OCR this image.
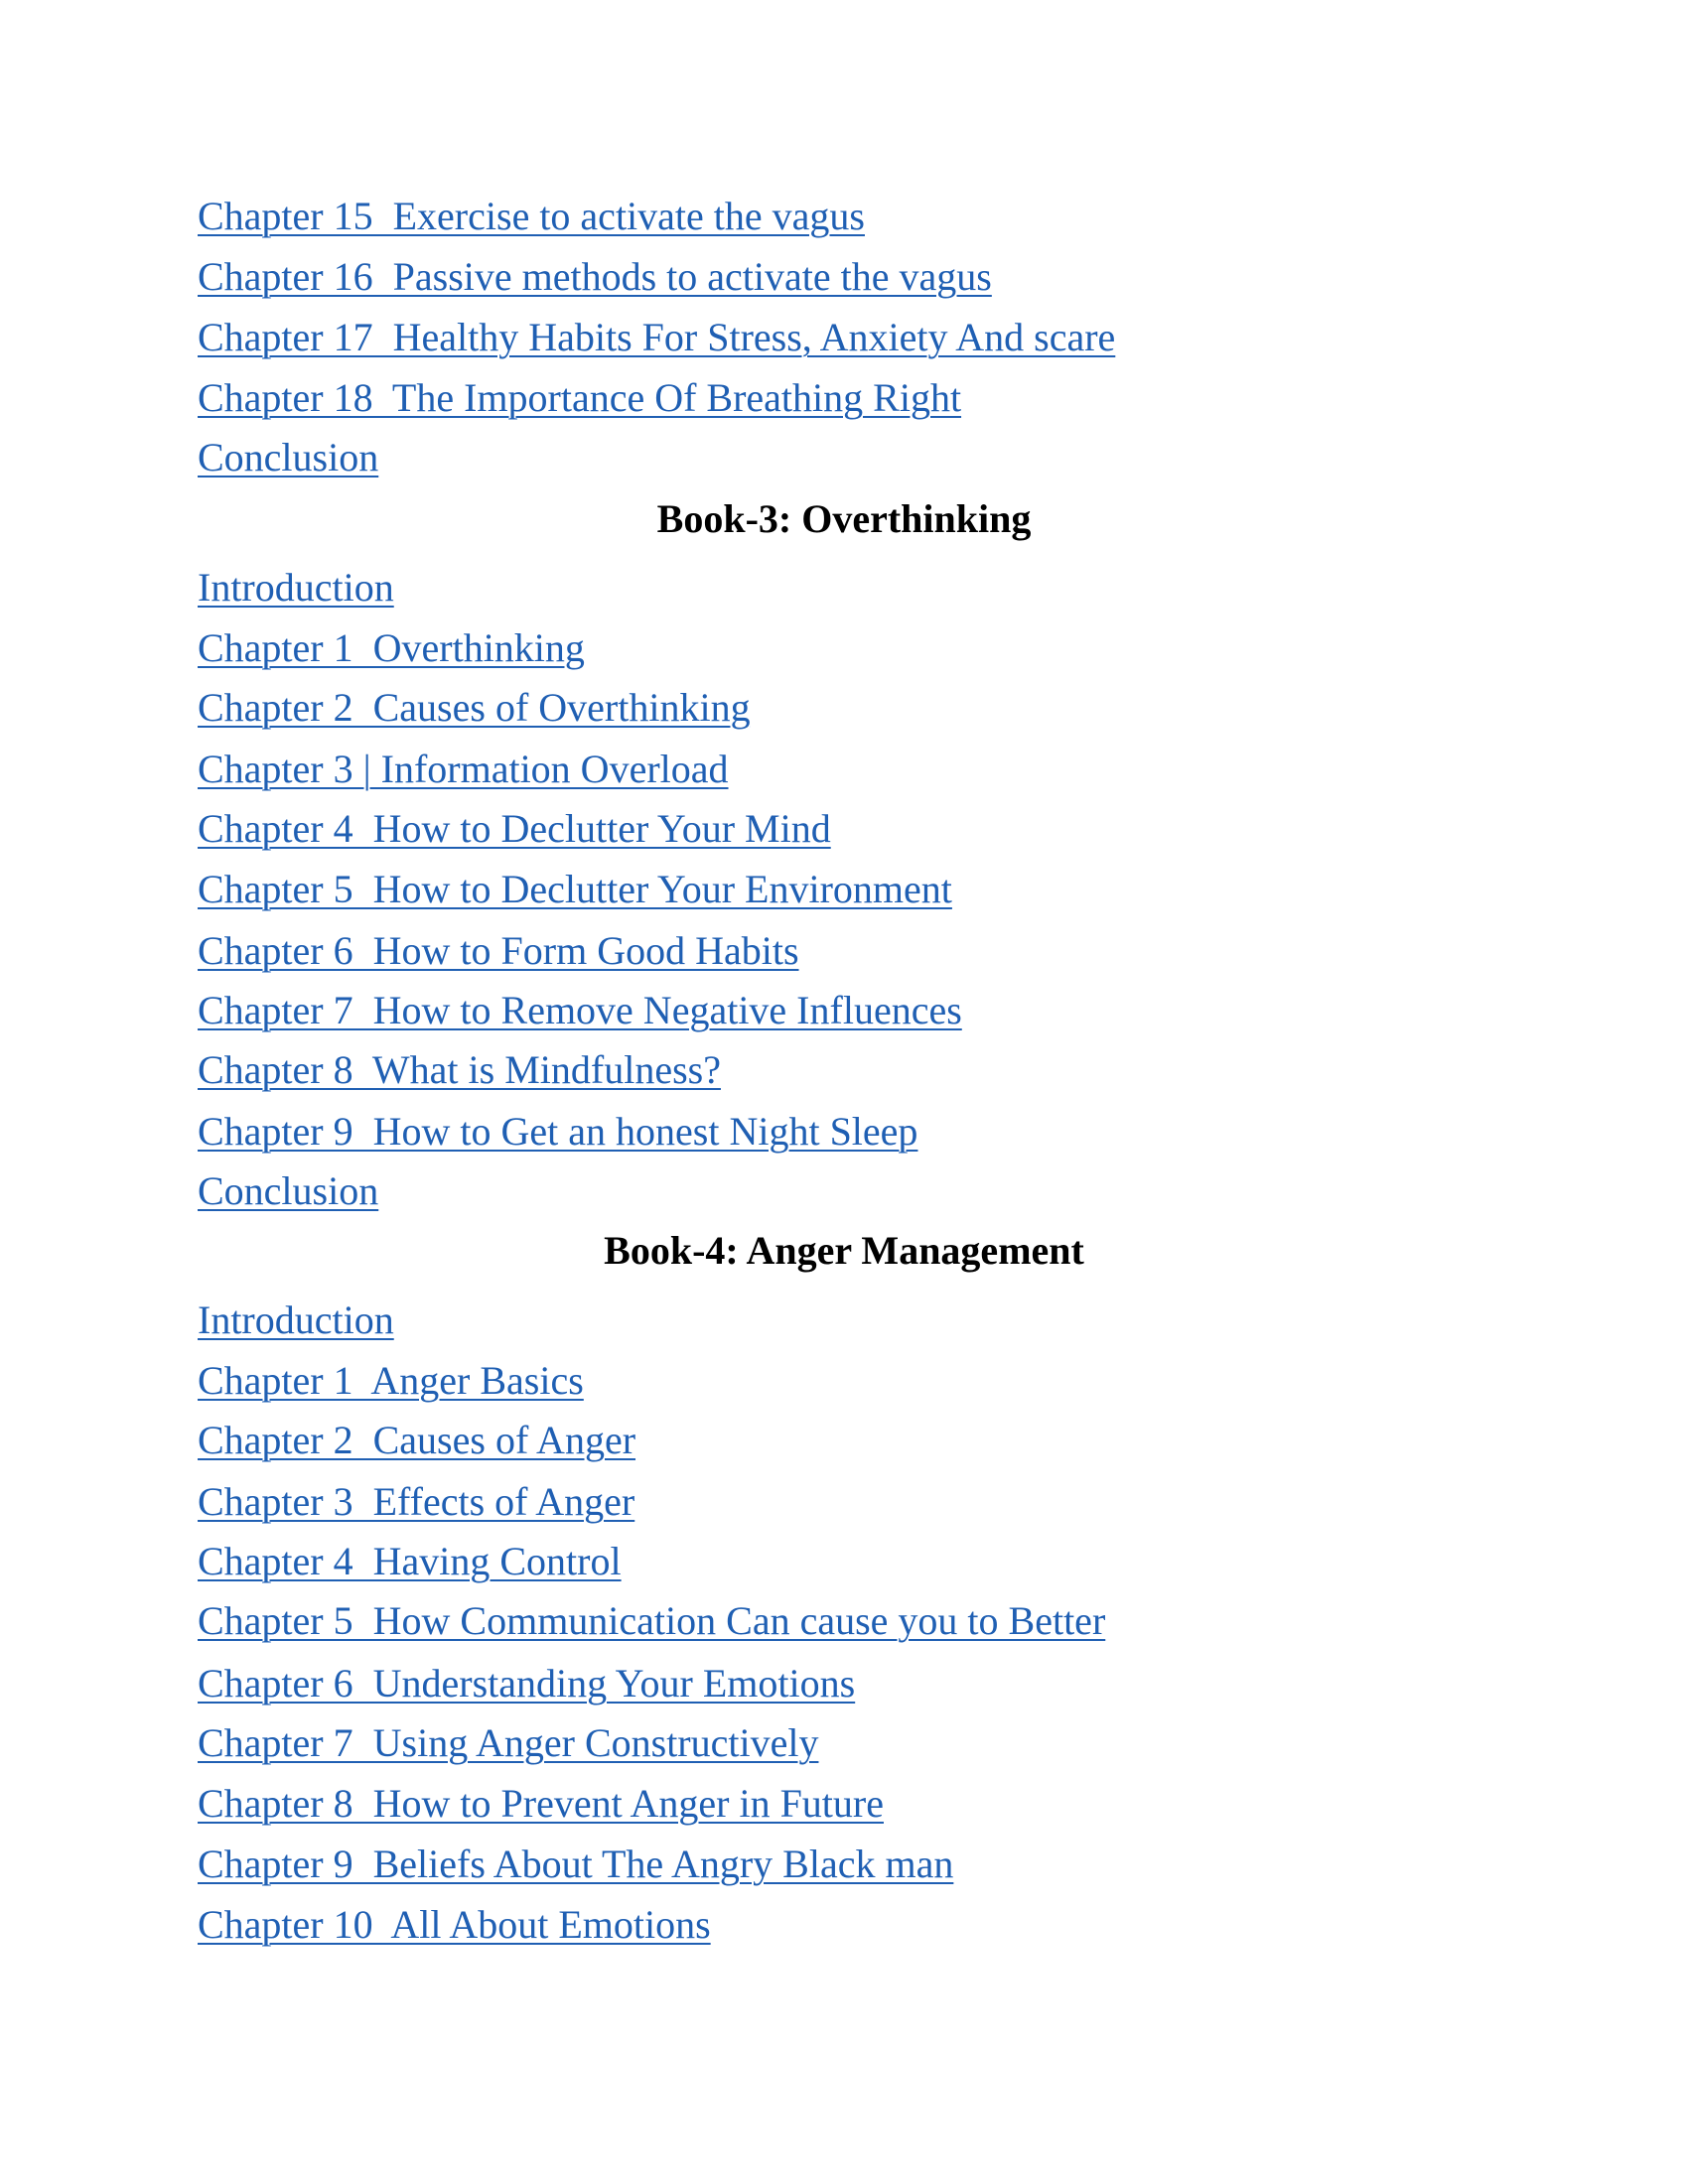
Chapter 15  Exercise to activate the vagus
Chapter 16  Passive methods to activate the vagus
Chapter 17  Healthy Habits For Stress, Anxiety And scare
Chapter 18  The Importance Of Breathing Right
Conclusion
Book-3: Overthinking
Introduction
Chapter 1  Overthinking
Chapter 2  Causes of Overthinking
Chapter 3 | Information Overload
Chapter 4  How to Declutter Your Mind
Chapter 5  How to Declutter Your Environment
Chapter 6  How to Form Good Habits
Chapter 7  How to Remove Negative Influences
Chapter 8  What is Mindfulness?
Chapter 9  How to Get an honest Night Sleep
Conclusion
Book-4: Anger Management
Introduction
Chapter 1  Anger Basics
Chapter 2  Causes of Anger
Chapter 3  Effects of Anger
Chapter 4  Having Control
Chapter 5  How Communication Can cause you to Better
Chapter 6  Understanding Your Emotions
Chapter 7  Using Anger Constructively
Chapter 8  How to Prevent Anger in Future
Chapter 9  Beliefs About The Angry Black man
Chapter 10  All About Emotions
